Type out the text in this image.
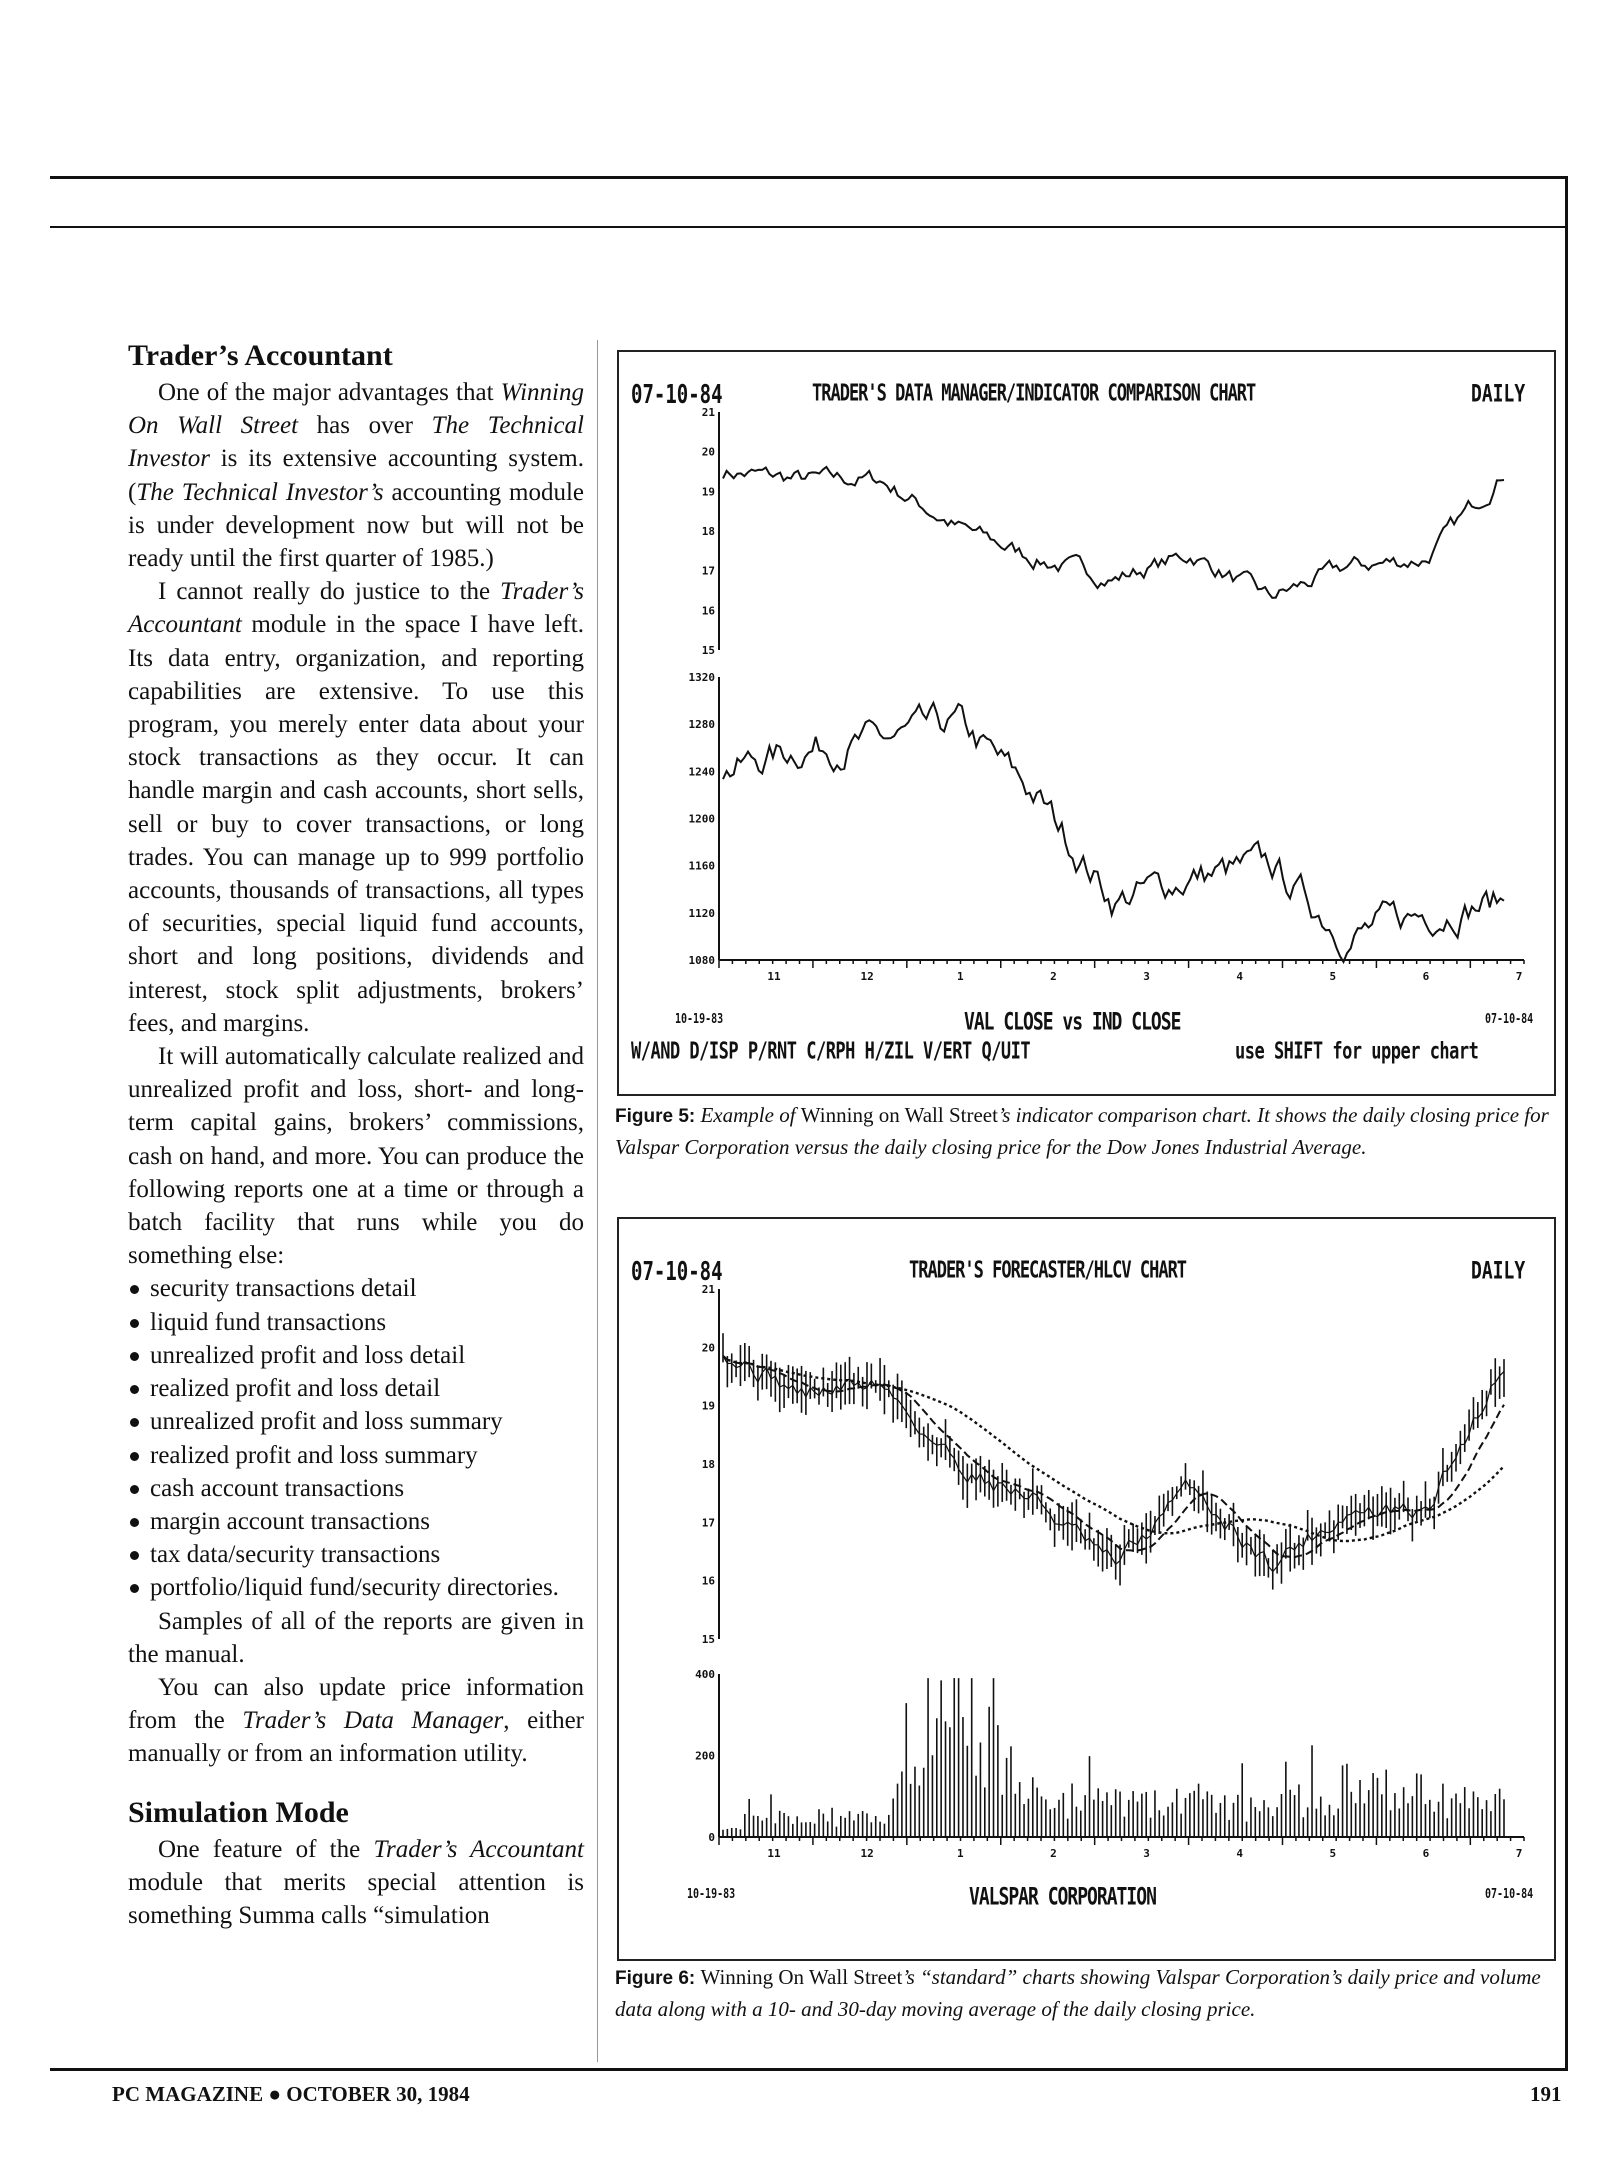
Trader’s Accountant

One of the major advantages that Winning On Wall Street has over The Technical Investor is its extensive accounting system. (The Technical Investor’s accounting module is under development now but will not be ready until the first quarter of 1985.)

I cannot really do justice to the Trader’s Accountant module in the space I have left. Its data entry, organization, and reporting capabilities are extensive. To use this program, you merely enter data about your stock transactions as they occur. It can handle margin and cash accounts, short sells, sell or buy to cover transactions, or long trades. You can manage up to 999 portfolio accounts, thousands of transactions, all types of securities, special liquid fund accounts, short and long positions, dividends and interest, stock split adjustments, brokers’ fees, and margins.

It will automatically calculate realized and unrealized profit and loss, short- and long-term capital gains, brokers’ commissions, cash on hand, and more. You can produce the following reports one at a time or through a batch facility that runs while you do something else:

security transactions detail
liquid fund transactions
unrealized profit and loss detail
realized profit and loss detail
unrealized profit and loss summary
realized profit and loss summary
cash account transactions
margin account transactions
tax data/security transactions
portfolio/liquid fund/security directories.

Samples of all of the reports are given in the manual.

You can also update price information from the Trader’s Data Manager, either manually or from an information utility.

Simulation Mode

One feature of the Trader’s Accountant module that merits special attention is something Summa calls “simulation

07-10-84	TRADER'S DATA MANAGER/INDICATOR COMPARISON CHART	DAILY
21
20
19
18
17
16
15
1320
1280
1240
1200
1160
1120
1080
11	12	1	2	3	4	5	6	7
10-19-83	VAL CLOSE vs IND CLOSE	07-10-84
W/AND D/ISP P/RNT C/RPH H/ZIL V/ERT Q/UIT	use SHIFT for upper chart
Figure 5: Example of Winning on Wall Street’s indicator comparison chart. It shows the daily closing price for Valspar Corporation versus the daily closing price for the Dow Jones Industrial Average.
07-10-84	TRADER'S FORECASTER/HLCV CHART	DAILY
21
20
19
18
17
16
15
400
200
0
11	12	1	2	3	4	5	6	7
10-19-83	VALSPAR CORPORATION	07-10-84
Figure 6: Winning On Wall Street’s “standard” charts showing Valspar Corporation’s daily price and volume data along with a 10- and 30-day moving average of the daily closing price.
PC MAGAZINE ● OCTOBER 30, 1984	191
